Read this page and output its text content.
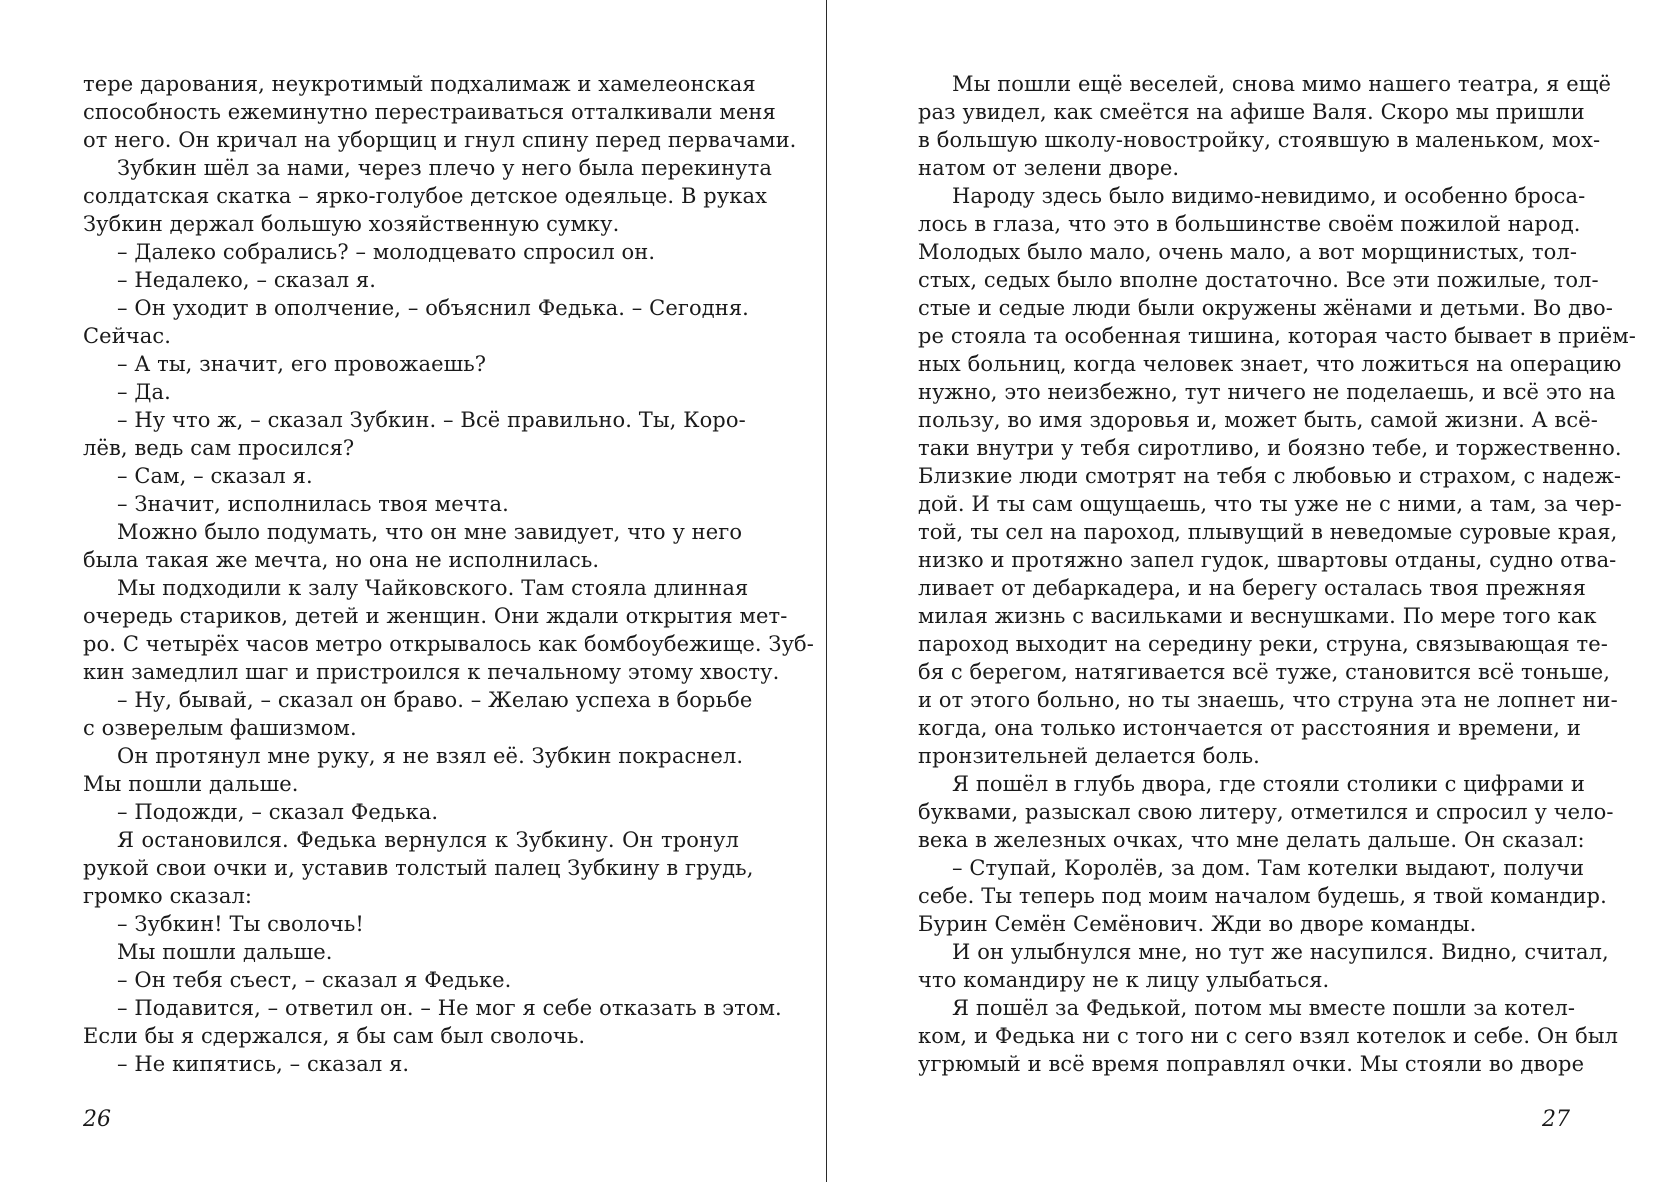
тере дарования, неукротимый подхалимаж и хамелеонская
способность ежеминутно перестраиваться отталкивали меня
от него. Он кричал на уборщиц и гнул спину перед первачами.
Зубкин шёл за нами, через плечо у него была перекинута
солдатская скатка – ярко-голубое детское одеяльце. В руках
Зубкин держал большую хозяйственную сумку.
– Далеко собрались? – молодцевато спросил он.
– Недалеко, – сказал я.
– Он уходит в ополчение, – объяснил Федька. – Сегодня.
Сейчас.
– А ты, значит, его провожаешь?
– Да.
– Ну что ж, – сказал Зубкин. – Всё правильно. Ты, Коро-
лёв, ведь сам просился?
– Сам, – сказал я.
– Значит, исполнилась твоя мечта.
Можно было подумать, что он мне завидует, что у него
была такая же мечта, но она не исполнилась.
Мы подходили к залу Чайковского. Там стояла длинная
очередь стариков, детей и женщин. Они ждали открытия мет-
ро. С четырёх часов метро открывалось как бомбоубежище. Зуб-
кин замедлил шаг и пристроился к печальному этому хвосту.
– Ну, бывай, – сказал он браво. – Желаю успеха в борьбе
с озверелым фашизмом.
Он протянул мне руку, я не взял её. Зубкин покраснел.
Мы пошли дальше.
– Подожди, – сказал Федька.
Я остановился. Федька вернулся к Зубкину. Он тронул
рукой свои очки и, уставив толстый палец Зубкину в грудь,
громко сказал:
– Зубкин! Ты сволочь!
Мы пошли дальше.
– Он тебя съест, – сказал я Федьке.
– Подавится, – ответил он. – Не мог я себе отказать в этом.
Если бы я сдержался, я бы сам был сволочь.
– Не кипятись, – сказал я.
26
Мы пошли ещё веселей, снова мимо нашего театра, я ещё
раз увидел, как смеётся на афише Валя. Скоро мы пришли
в большую школу-новостройку, стоявшую в маленьком, мох-
натом от зелени дворе.
Народу здесь было видимо-невидимо, и особенно броса-
лось в глаза, что это в большинстве своём пожилой народ.
Молодых было мало, очень мало, а вот морщинистых, тол-
стых, седых было вполне достаточно. Все эти пожилые, тол-
стые и седые люди были окружены жёнами и детьми. Во дво-
ре стояла та особенная тишина, которая часто бывает в приём-
ных больниц, когда человек знает, что ложиться на операцию
нужно, это неизбежно, тут ничего не поделаешь, и всё это на
пользу, во имя здоровья и, может быть, самой жизни. А всё-
таки внутри у тебя сиротливо, и боязно тебе, и торжественно.
Близкие люди смотрят на тебя с любовью и страхом, с надеж-
дой. И ты сам ощущаешь, что ты уже не с ними, а там, за чер-
той, ты сел на пароход, плывущий в неведомые суровые края,
низко и протяжно запел гудок, швартовы отданы, судно отва-
ливает от дебаркадера, и на берегу осталась твоя прежняя
милая жизнь с васильками и веснушками. По мере того как
пароход выходит на середину реки, струна, связывающая те-
бя с берегом, натягивается всё туже, становится всё тоньше,
и от этого больно, но ты знаешь, что струна эта не лопнет ни-
когда, она только истончается от расстояния и времени, и
пронзительней делается боль.
Я пошёл в глубь двора, где стояли столики с цифрами и
буквами, разыскал свою литеру, отметился и спросил у чело-
века в железных очках, что мне делать дальше. Он сказал:
– Ступай, Королёв, за дом. Там котелки выдают, получи
себе. Ты теперь под моим началом будешь, я твой командир.
Бурин Семён Семёнович. Жди во дворе команды.
И он улыбнулся мне, но тут же насупился. Видно, считал,
что командиру не к лицу улыбаться.
Я пошёл за Федькой, потом мы вместе пошли за котел-
ком, и Федька ни с того ни с сего взял котелок и себе. Он был
угрюмый и всё время поправлял очки. Мы стояли во дворе
27
